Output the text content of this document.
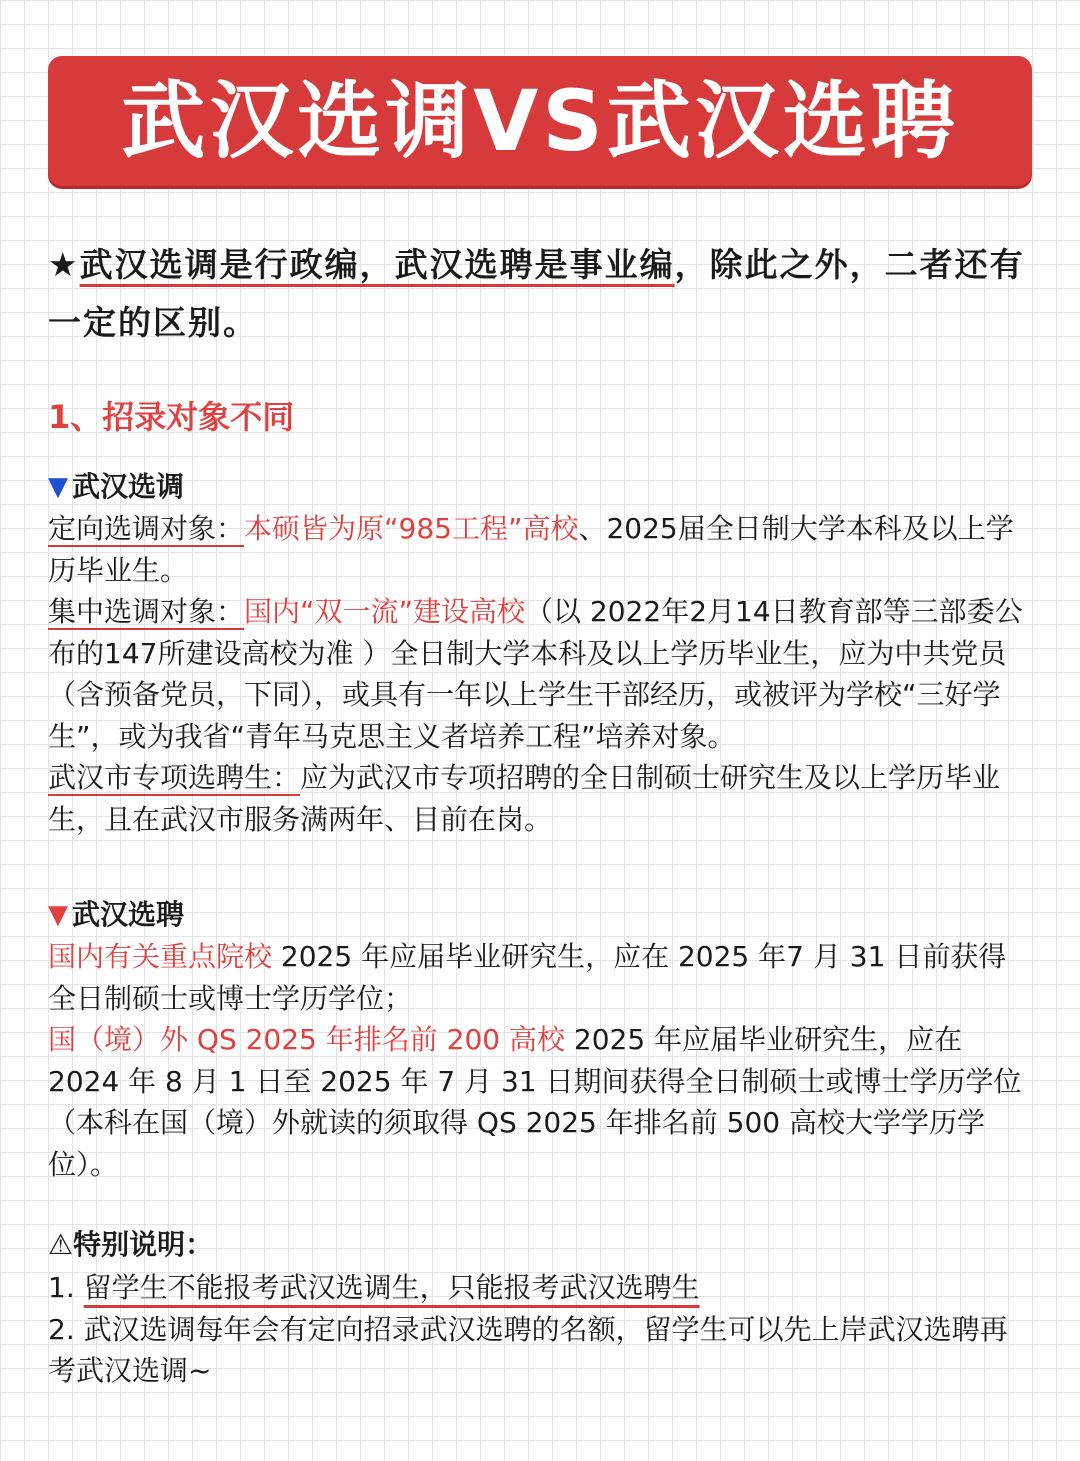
武汉选调VS武汉选聘

★武汉选调是行政编，武汉选聘是事业编，除此之外，二者还有一定的区别。

1、招录对象不同
▼ 武汉选调

定向选调对象：本硕皆为原“985工程”高校、2025届全日制大学本科及以上学历毕业生。

集中选调对象：国内“双一流”建设高校（以 2022年2月14日教育部等三部委公布的147所建设高校为准 ）全日制大学本科及以上学历毕业生，应为中共党员（含预备党员，下同），或具有一年以上学生干部经历，或被评为学校“三好学生”，或为我省“青年马克思主义者培养工程”培养对象。

武汉市专项选聘生：应为武汉市专项招聘的全日制硕士研究生及以上学历毕业生，且在武汉市服务满两年、目前在岗。

▼ 武汉选聘

国内有关重点院校 2025 年应届毕业研究生，应在 2025 年7 月 31 日前获得全日制硕士或博士学历学位；

国（境）外 QS 2025 年排名前 200 高校 2025 年应届毕业研究生，应在 2024 年 8 月 1 日至 2025 年 7 月 31 日期间获得全日制硕士或博士学历学位（本科在国（境）外就读的须取得 QS 2025 年排名前 500 高校大学学历学位）。

⚠特别说明：

1. 留学生不能报考武汉选调生，只能报考武汉选聘生

2. 武汉选调每年会有定向招录武汉选聘的名额，留学生可以先上岸武汉选聘再考武汉选调~
